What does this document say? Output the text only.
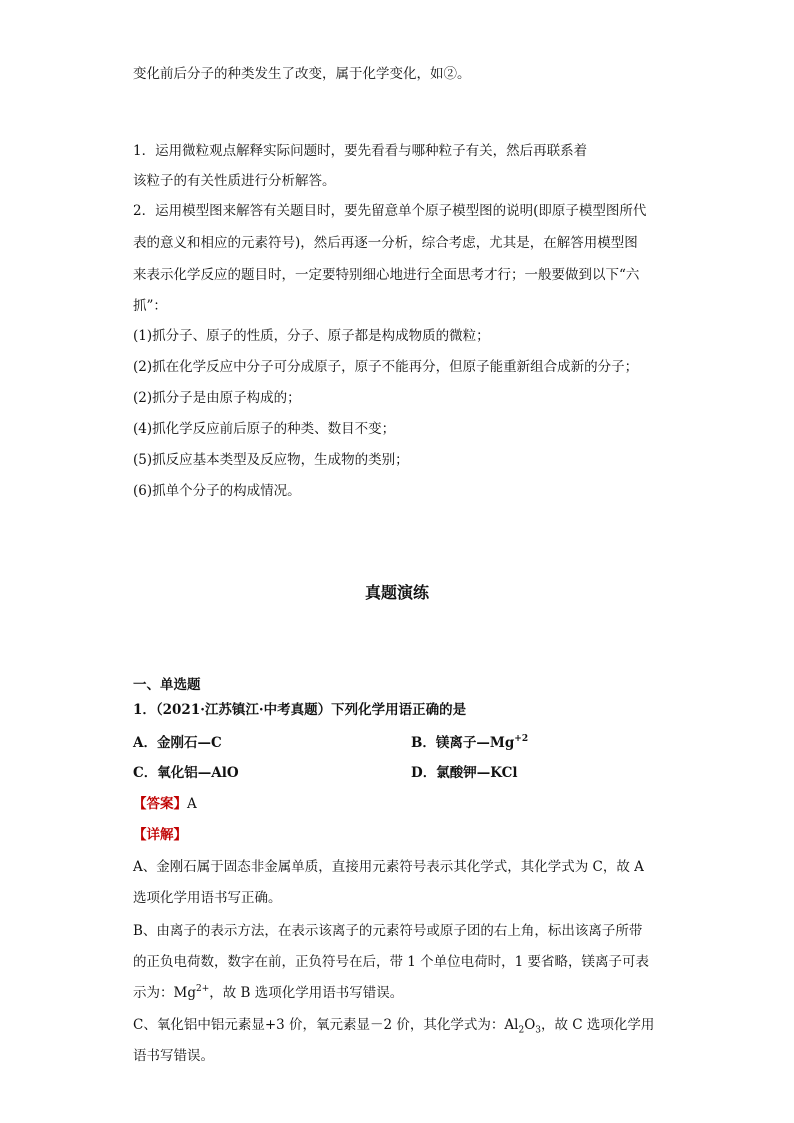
变化前后分子的种类发生了改变，属于化学变化，如②。

1．运用微粒观点解释实际问题时，要先看看与哪种粒子有关，然后再联系着

该粒子的有关性质进行分析解答。

2．运用模型图来解答有关题目时，要先留意单个原子模型图的说明(即原子模型图所代

表的意义和相应的元素符号)，然后再逐一分析，综合考虑，尤其是，在解答用模型图

来表示化学反应的题目时，一定要特别细心地进行全面思考才行；一般要做到以下“六

抓”：

(1)抓分子、原子的性质，分子、原子都是构成物质的微粒；

(2)抓在化学反应中分子可分成原子，原子不能再分，但原子能重新组合成新的分子；

(2)抓分子是由原子构成的；

(4)抓化学反应前后原子的种类、数目不变；

(5)抓反应基本类型及反应物，生成物的类别；

(6)抓单个分子的构成情况。

真题演练

一、单选题

1．（2021·江苏镇江·中考真题）下列化学用语正确的是

A．金刚石—C	B．镁离子$—Mg^{+2}$

C．氧化铝—AlO	D．氯酸钾—KCl

【答案】A

【详解】

A、金刚石属于固态非金属单质，直接用元素符号表示其化学式，其化学式为 C，故 A

选项化学用语书写正确。

B、由离子的表示方法，在表示该离子的元素符号或原子团的右上角，标出该离子所带

的正负电荷数，数字在前，正负符号在后，带 1 个单位电荷时，1 要省略，镁离子可表

示为：$Mg^{2+}$，故 B 选项化学用语书写错误。

C、氧化铝中铝元素显+3 价，氧元素显－2 价，其化学式为：$Al_2O_3$，故 C 选项化学用

语书写错误。
